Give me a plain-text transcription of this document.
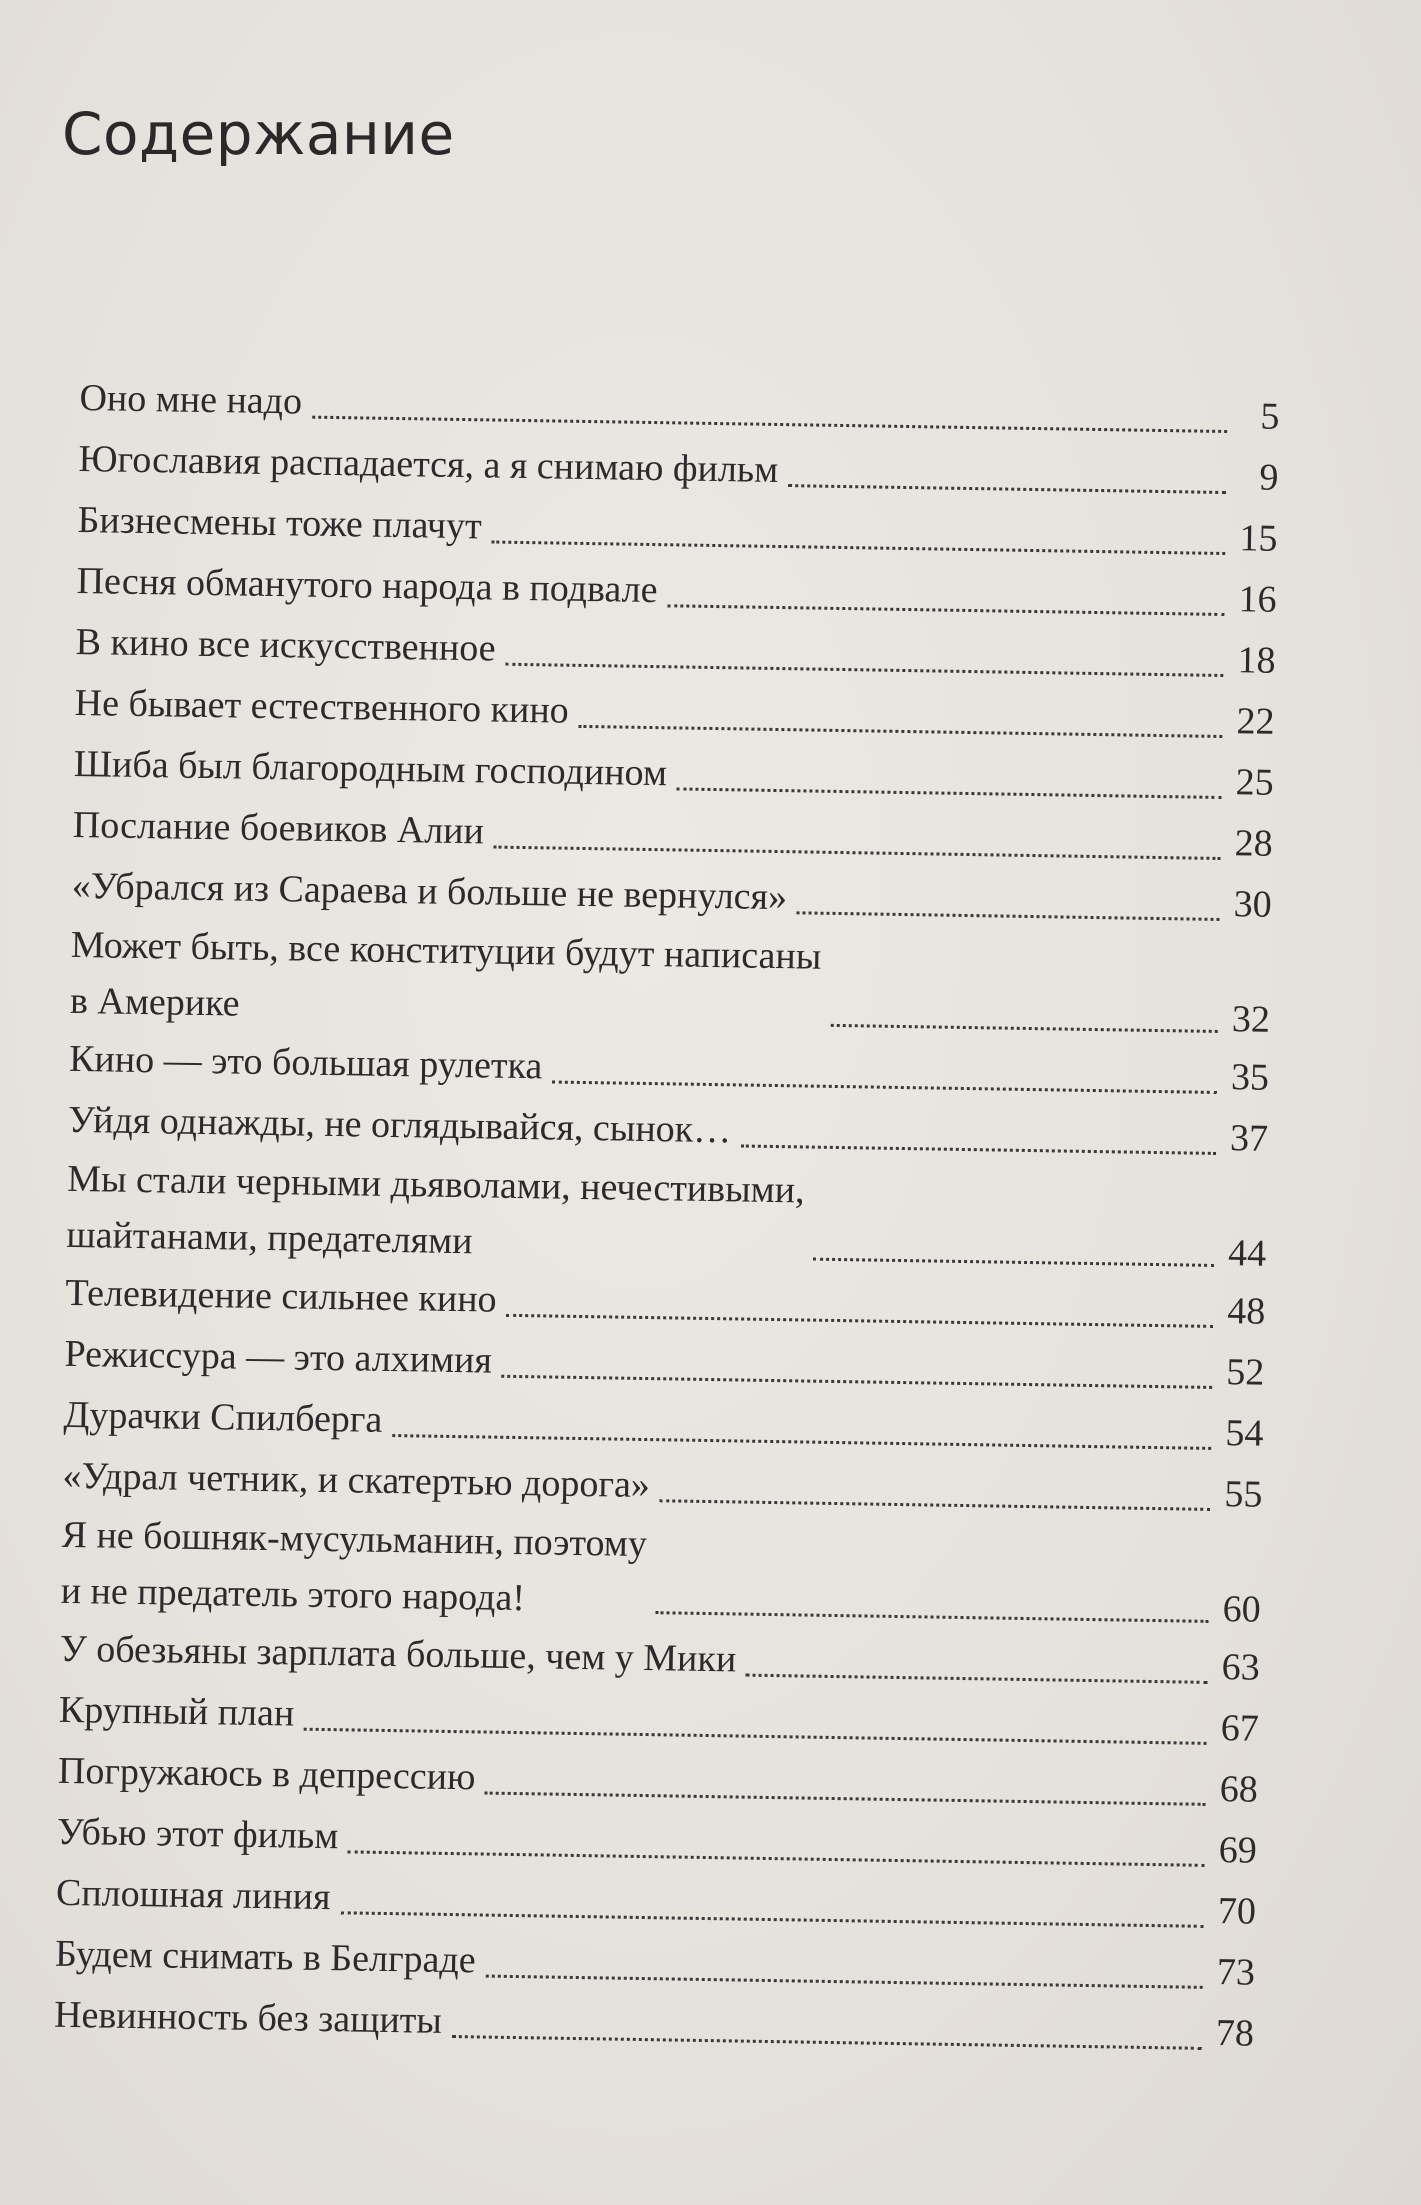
Содержание
Оно мне надо	5
Югославия распадается, а я снимаю фильм	9
Бизнесмены тоже плачут	15
Песня обманутого народа в подвале	16
В кино все искусственное	18
Не бывает естественного кино	22
Шиба был благородным господином	25
Послание боевиков Алии	28
«Убрался из Сараева и больше не вернулся»	30
Может быть, все конституции будут написаны
в Америке	32
Кино — это большая рулетка	35
Уйдя однажды, не оглядывайся, сынок…	37
Мы стали черными дьяволами, нечестивыми,
шайтанами, предателями	44
Телевидение сильнее кино	48
Режиссура — это алхимия	52
Дурачки Спилберга	54
«Удрал четник, и скатертью дорога»	55
Я не бошняк-мусульманин, поэтому
и не предатель этого народа!	60
У обезьяны зарплата больше, чем у Мики	63
Крупный план	67
Погружаюсь в депрессию	68
Убью этот фильм	69
Сплошная линия	70
Будем снимать в Белграде	73
Невинность без защиты	78
